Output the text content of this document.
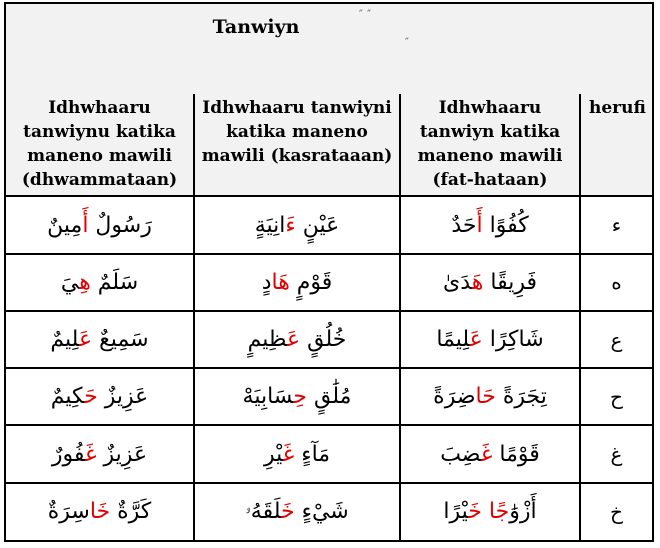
Tanwiyn
˝ ˝
˝
Idhwhaaru tanwiynu katika maneno mawili (dhwammataan)	Idhwhaaru tanwiyni katika maneno mawili (kasrataaan)	Idhwhaaru tanwiyn katika maneno mawili (fat-hataan)	herufi

رَسُولٌ أَمِينٌ	عَيْنٍ ءَانِيَةٍ	كُفُوًا أَحَدٌ	ء
سَلَمٌ هِيَ	قَوْمٍ هَادٍ	فَرِيقًا هَدَىٰ	ه
سَمِيعٌ عَلِيمٌ	خُلُقٍ عَظِيمٍ	شَاكِرًا عَلِيمًا	ع
عَزِيزٌ حَكِيمٌ	مُلَٰقٍ حِسَابِيَهْ	تِجَرَةً حَاضِرَةً	ح
عَزِيزٌ غَفُورٌ	مَآءٍ غَيْرِ	قَوْمًا غَضِبَ	غ
كَرَّةٌ خَاسِرَةٌ	شَيْءٍ خَلَقَهُۥ	أَزْوَٰجًا خَيْرًا	خ
